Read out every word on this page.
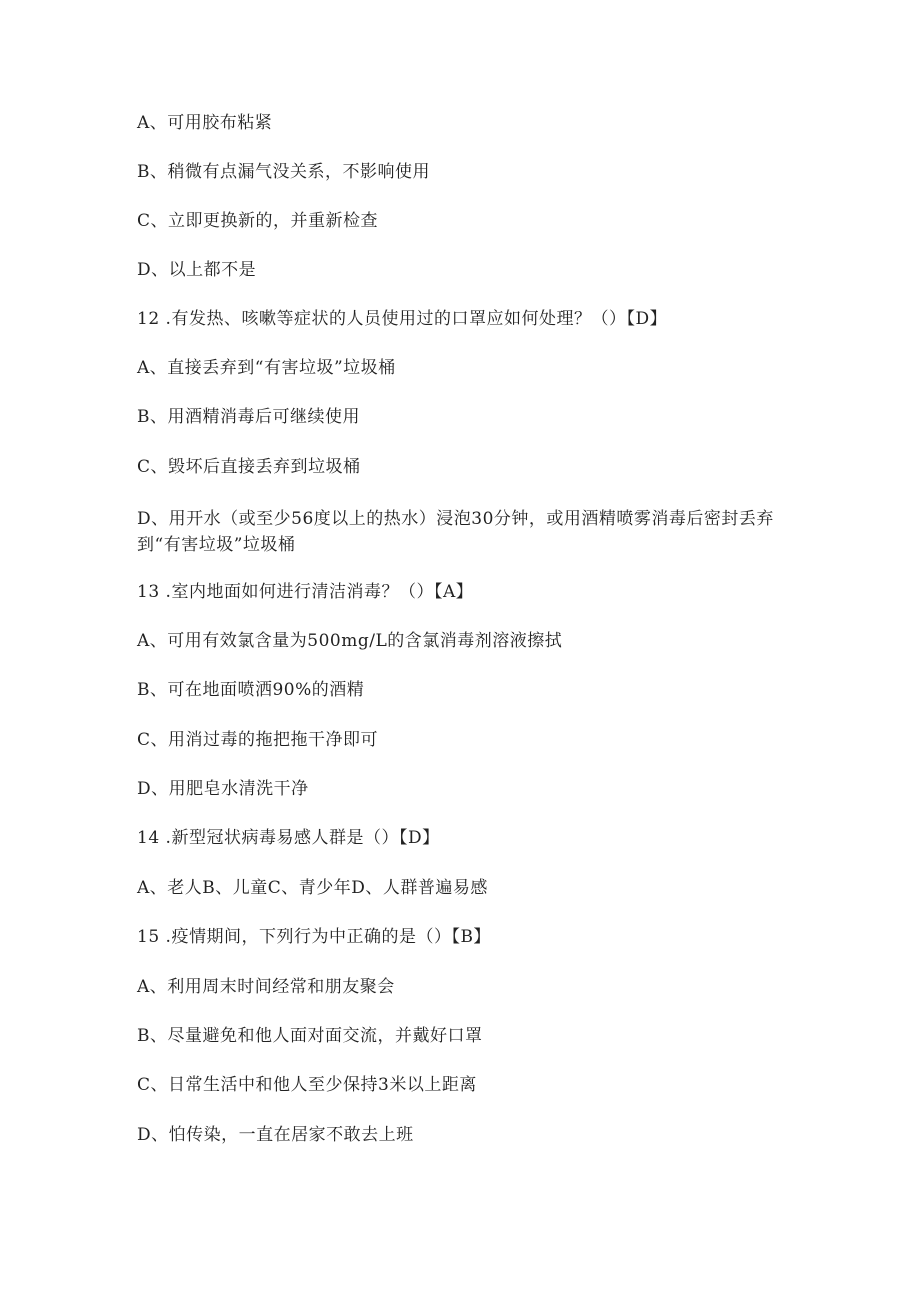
A、可用胶布粘紧
B、稍微有点漏气没关系，不影响使用
C、立即更换新的，并重新检查
D、以上都不是
12 .有发热、咳嗽等症状的人员使用过的口罩应如何处理？（）【D】
A、直接丢弃到“有害垃圾”垃圾桶
B、用酒精消毒后可继续使用
C、毁坏后直接丢弃到垃圾桶
D、用开水（或至少56度以上的热水）浸泡30分钟，或用酒精喷雾消毒后密封丢弃到“有害垃圾”垃圾桶
13 .室内地面如何进行清洁消毒？（）【A】
A、可用有效氯含量为500mg/L的含氯消毒剂溶液擦拭
B、可在地面喷洒90%的酒精
C、用消过毒的拖把拖干净即可
D、用肥皂水清洗干净
14 .新型冠状病毒易感人群是（）【D】
A、老人B、儿童C、青少年D、人群普遍易感
15 .疫情期间，下列行为中正确的是（）【B】
A、利用周末时间经常和朋友聚会
B、尽量避免和他人面对面交流，并戴好口罩
C、日常生活中和他人至少保持3米以上距离
D、怕传染，一直在居家不敢去上班
